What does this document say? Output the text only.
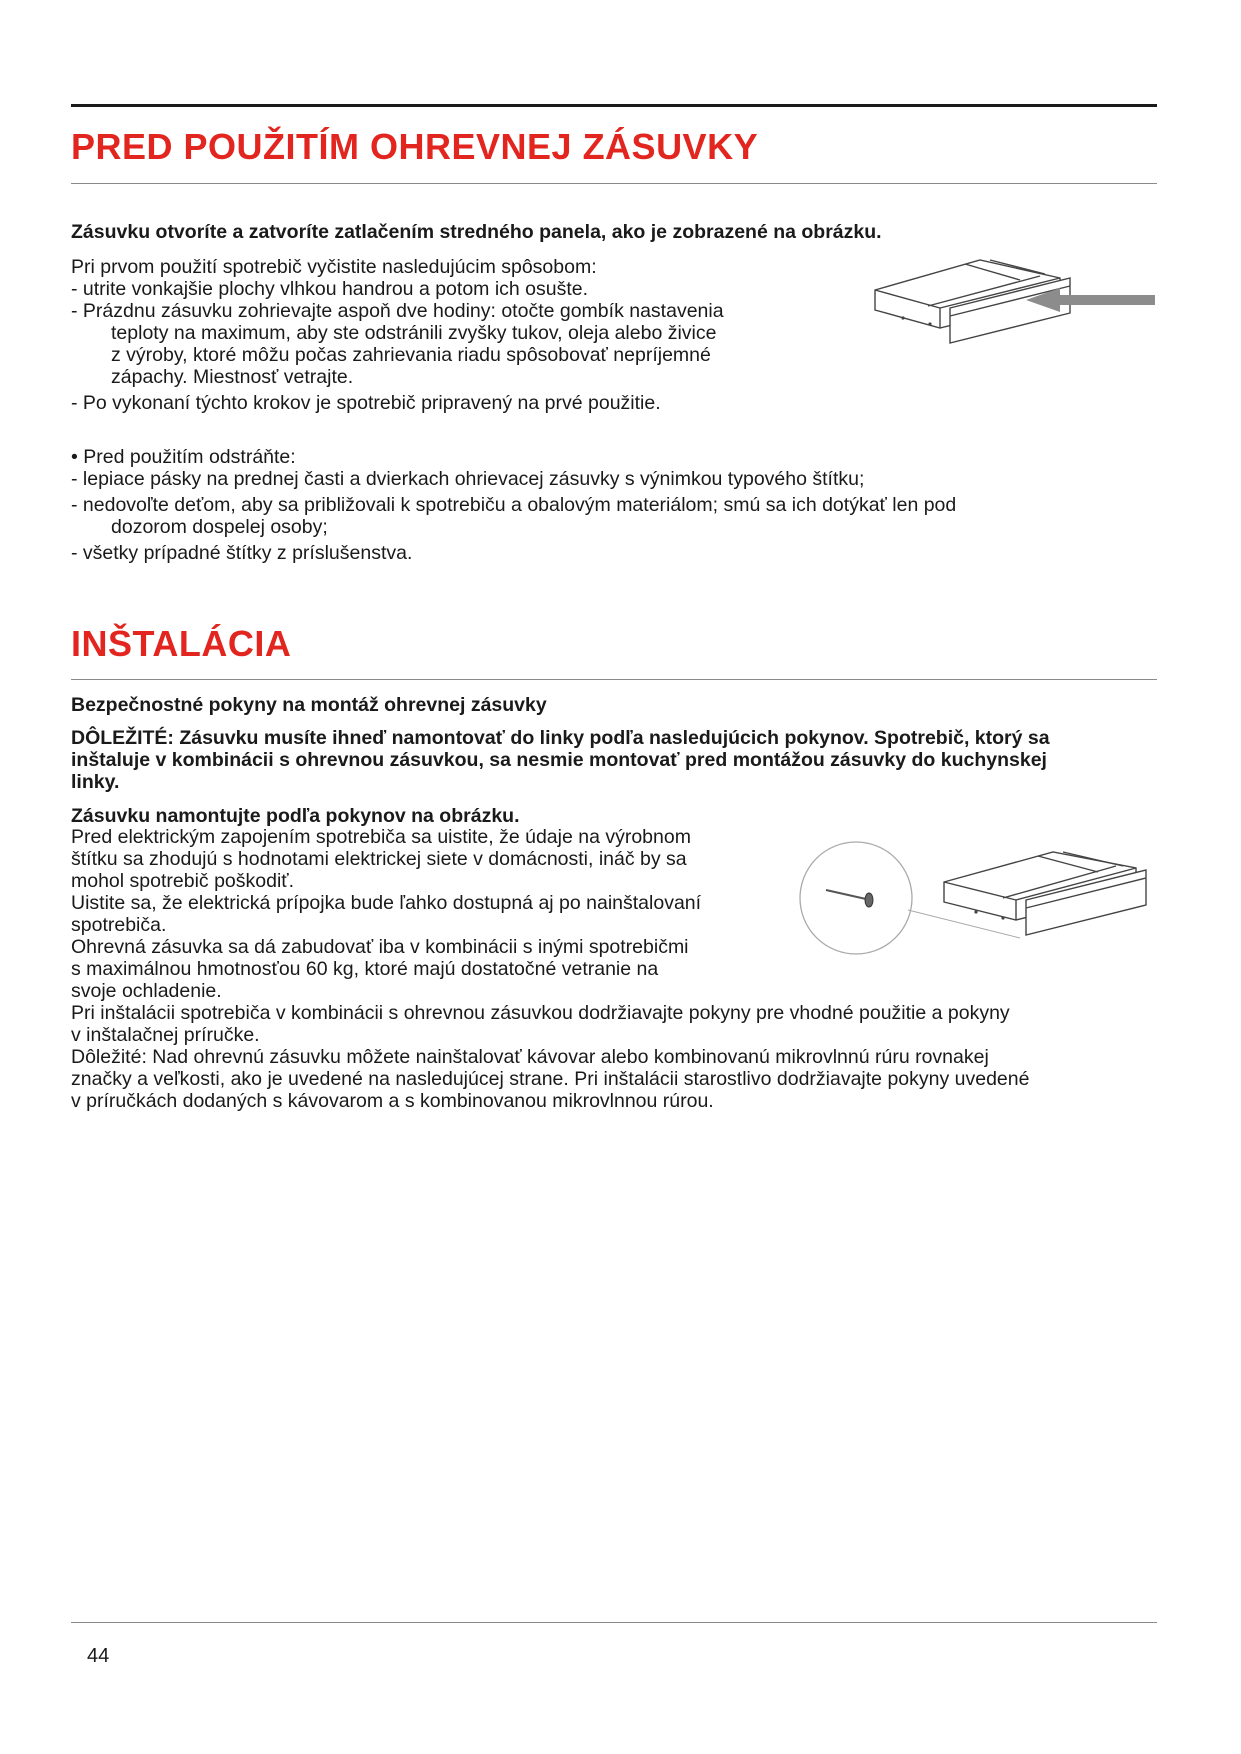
PRED POUŽITÍM OHREVNEJ ZÁSUVKY

Zásuvku otvoríte a zatvoríte zatlačením stredného panela, ako je zobrazené na obrázku.

Pri prvom použití spotrebič vyčistite nasledujúcim spôsobom:

- utrite vonkajšie plochy vlhkou handrou a potom ich osušte.

- Prázdnu zásuvku zohrievajte aspoň dve hodiny: otočte gombík nastavenia

teploty na maximum, aby ste odstránili zvyšky tukov, oleja alebo živice

z výroby, ktoré môžu počas zahrievania riadu spôsobovať nepríjemné

zápachy. Miestnosť vetrajte.

- Po vykonaní týchto krokov je spotrebič pripravený na prvé použitie.

• Pred použitím odstráňte:

- lepiace pásky na prednej časti a dvierkach ohrievacej zásuvky s výnimkou typového štítku;

- nedovoľte deťom, aby sa približovali k spotrebiču a obalovým materiálom; smú sa ich dotýkať len pod

dozorom dospelej osoby;

- všetky prípadné štítky z príslušenstva.

INŠTALÁCIA

Bezpečnostné pokyny na montáž ohrevnej zásuvky

DÔLEŽITÉ: Zásuvku musíte ihneď namontovať do linky podľa nasledujúcich pokynov. Spotrebič, ktorý sa

inštaluje v kombinácii s ohrevnou zásuvkou, sa nesmie montovať pred montážou zásuvky do kuchynskej

linky.

Zásuvku namontujte podľa pokynov na obrázku.

Pred elektrickým zapojením spotrebiča sa uistite, že údaje na výrobnom

štítku sa zhodujú s hodnotami elektrickej siete v domácnosti, ináč by sa

mohol spotrebič poškodiť.

Uistite sa, že elektrická prípojka bude ľahko dostupná aj po nainštalovaní

spotrebiča.

Ohrevná zásuvka sa dá zabudovať iba v kombinácii s inými spotrebičmi

s maximálnou hmotnosťou 60 kg, ktoré majú dostatočné vetranie na

svoje ochladenie.

Pri inštalácii spotrebiča v kombinácii s ohrevnou zásuvkou dodržiavajte pokyny pre vhodné použitie a pokyny

v inštalačnej príručke.

Dôležité: Nad ohrevnú zásuvku môžete nainštalovať kávovar alebo kombinovanú mikrovlnnú rúru rovnakej

značky a veľkosti, ako je uvedené na nasledujúcej strane. Pri inštalácii starostlivo dodržiavajte pokyny uvedené

v príručkách dodaných s kávovarom a s kombinovanou mikrovlnnou rúrou.

44
